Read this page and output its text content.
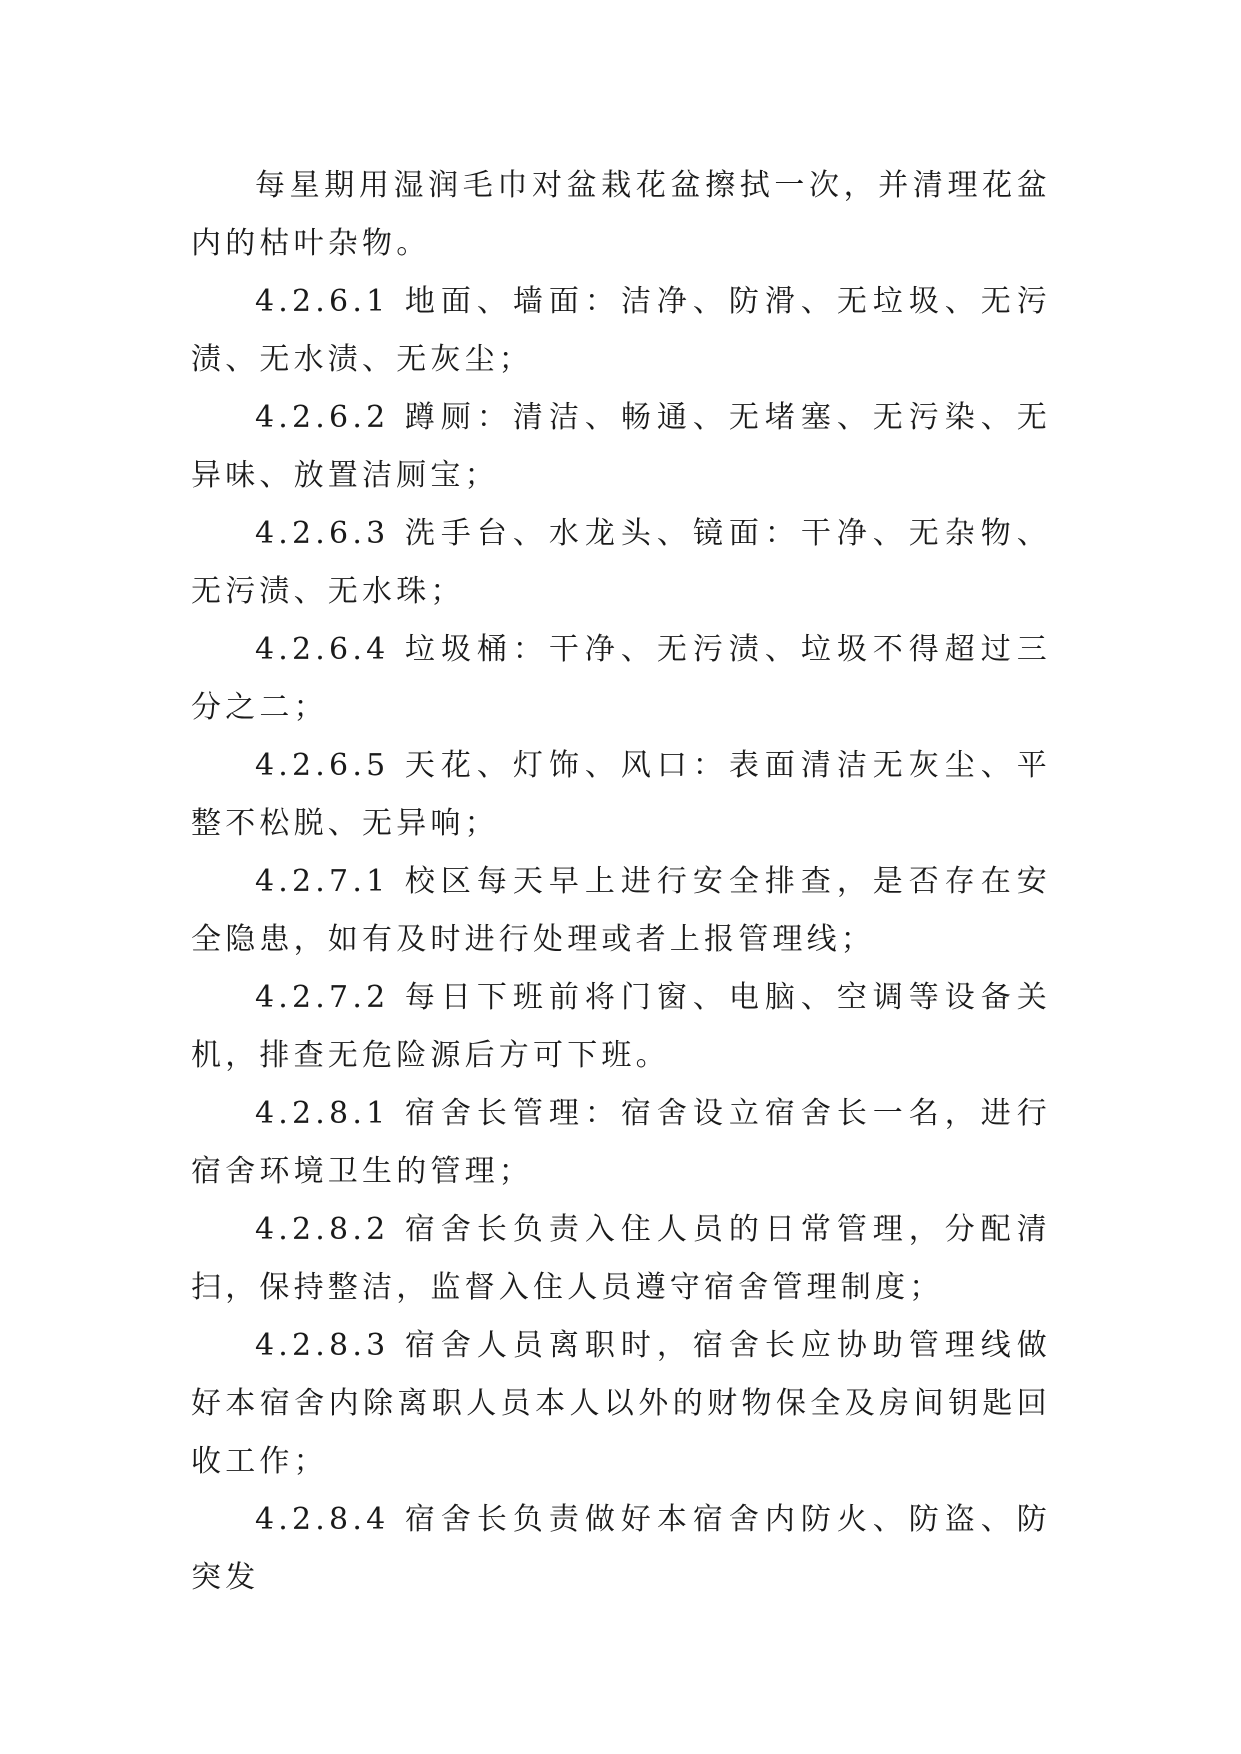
每星期用湿润毛巾对盆栽花盆擦拭一次，并清理花盆内的枯叶杂物。

4.2.6.1 地面、墙面：洁净、防滑、无垃圾、无污渍、无水渍、无灰尘；

4.2.6.2 蹲厕：清洁、畅通、无堵塞、无污染、无异味、放置洁厕宝；

4.2.6.3 洗手台、水龙头、镜面：干净、无杂物、无污渍、无水珠；

4.2.6.4 垃圾桶：干净、无污渍、垃圾不得超过三分之二；

4.2.6.5 天花、灯饰、风口：表面清洁无灰尘、平整不松脱、无异响；

4.2.7.1 校区每天早上进行安全排查，是否存在安全隐患，如有及时进行处理或者上报管理线；

4.2.7.2 每日下班前将门窗、电脑、空调等设备关机，排查无危险源后方可下班。

4.2.8.1 宿舍长管理：宿舍设立宿舍长一名，进行宿舍环境卫生的管理；

4.2.8.2 宿舍长负责入住人员的日常管理，分配清扫，保持整洁，监督入住人员遵守宿舍管理制度；

4.2.8.3 宿舍人员离职时，宿舍长应协助管理线做好本宿舍内除离职人员本人以外的财物保全及房间钥匙回收工作；

4.2.8.4 宿舍长负责做好本宿舍内防火、防盗、防突发
